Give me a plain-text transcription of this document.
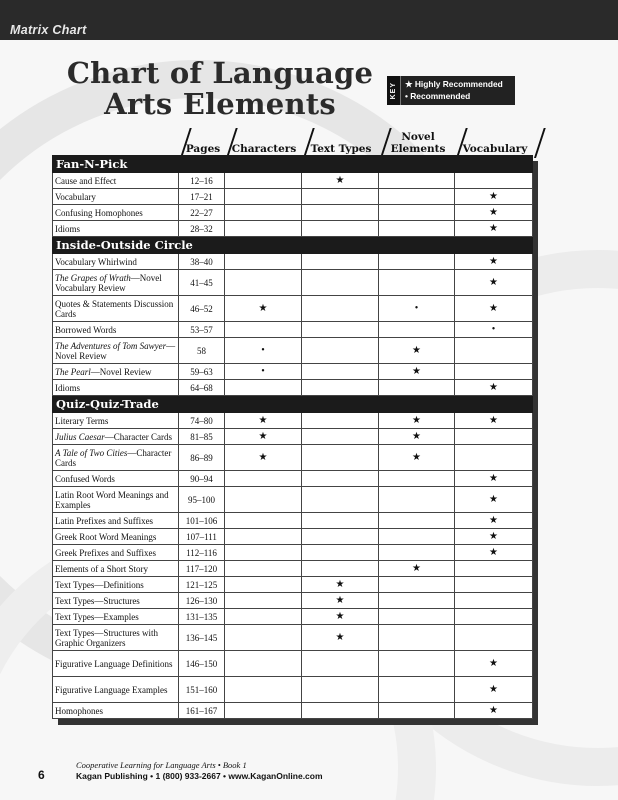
Matrix Chart
Chart of Language
Arts Elements	KEY ★ Highly Recommended
• Recommended
Pages	Characters	Text Types
Novel
Elements	Vocabulary
Fan-N-Pick					
Cause and Effect	12–16		★		
Vocabulary	17–21				★
Confusing Homophones	22–27				★
Idioms	28–32				★
Inside-Outside Circle					
Vocabulary Whirlwind	38–40				★
The Grapes of Wrath—Novel Vocabulary Review	41–45				★
Quotes & Statements Discussion Cards	46–52	★		•	★
Borrowed Words	53–57				•
The Adventures of Tom Sawyer—Novel Review	58	•		★	
The Pearl—Novel Review	59–63	•		★	
Idioms	64–68				★
Quiz-Quiz-Trade					
Literary Terms	74–80	★		★	★
Julius Caesar—Character Cards	81–85	★		★	
A Tale of Two Cities—Character Cards	86–89	★		★	
Confused Words	90–94				★
Latin Root Word Meanings and Examples	95–100				★
Latin Prefixes and Suffixes	101–106				★
Greek Root Word Meanings	107–111				★
Greek Prefixes and Suffixes	112–116				★
Elements of a Short Story	117–120			★	
Text Types—Definitions	121–125		★		
Text Types—Structures	126–130		★		
Text Types—Examples	131–135		★		
Text Types—Structures with Graphic Organizers	136–145		★		
Figurative Language Definitions	146–150				★
Figurative Language Examples	151–160				★
Homophones	161–167				★
6
Cooperative Learning for Language Arts • Book 1
Kagan Publishing • 1 (800) 933-2667 • www.KaganOnline.com
